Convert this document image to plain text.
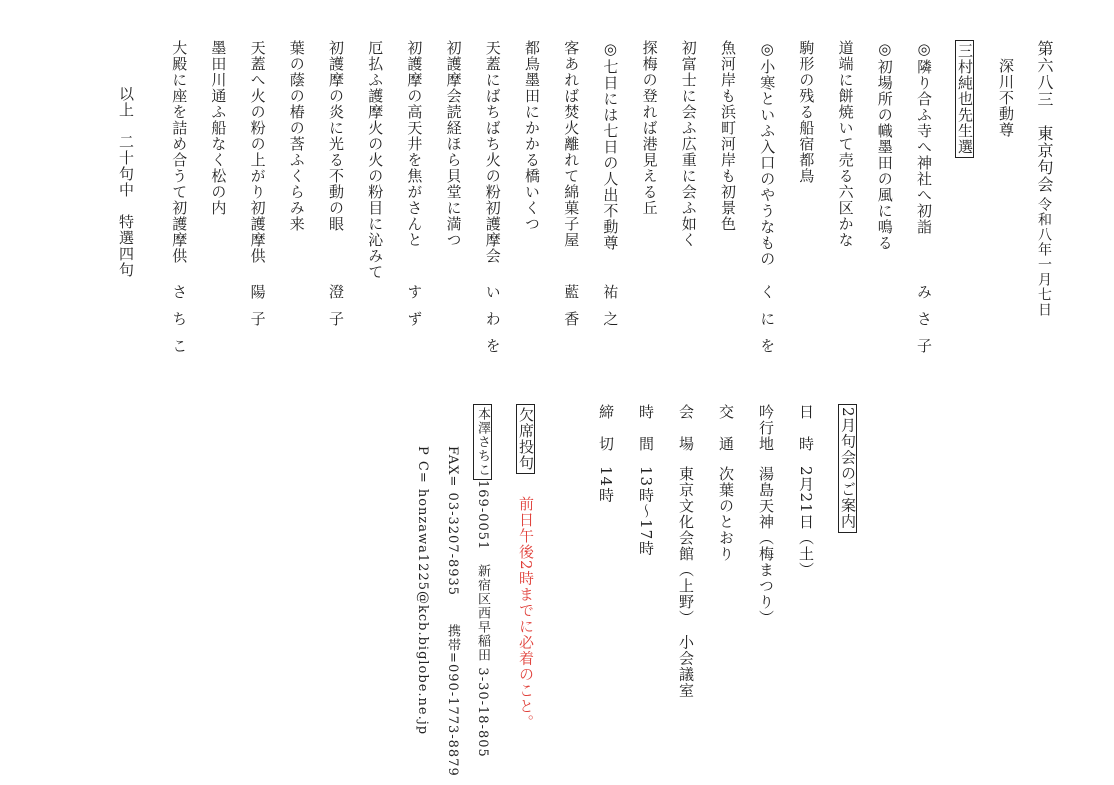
第六八三　東京句会令和八年一月七日
深川不動尊
三村純也先生選
◎隣り合ふ寺へ神社へ初詣
みさ子
◎初場所の幟墨田の風に鳴る
道端に餅焼いて売る六区かな
駒形の残る船宿都鳥
◎小寒といふ入口のやうなもの
くにを
魚河岸も浜町河岸も初景色
初富士に会ふ広重に会ふ如く
探梅の登れば港見える丘
◎七日には七日の人出不動尊
祐之
客あれば焚火離れて綿菓子屋
藍香
都鳥墨田にかかる橋いくつ
天蓋にばちばち火の粉初護摩会
いわを
初護摩会読経ほら貝堂に満つ
初護摩の高天井を焦がさんと
すず
厄払ふ護摩火の火の粉目に沁みて
初護摩の炎に光る不動の眼
澄子
葉の蔭の椿の莟ふくらみ来
天蓋へ火の粉の上がり初護摩供
陽子
墨田川通ふ船なく松の内
大殿に座を詰め合うて初護摩供
さちこ
以上　二十句中　特選四句
2月句会のご案内
日　時2月21日（土）
吟行地湯島天神（梅まつり）
交　通次葉のとおり
会　場東京文化会館（上野）　小会議室
時　間13時～17時
締　切14時
欠席投句
前日午後2時までに必着のこと。
本澤さちこ169-0051　新宿区西早稲田 3-30-18-805
FAX= 03-3207-8935　　携帯=090-1773-8879
P C= honzawa1225@kcb.biglobe.ne.jp
